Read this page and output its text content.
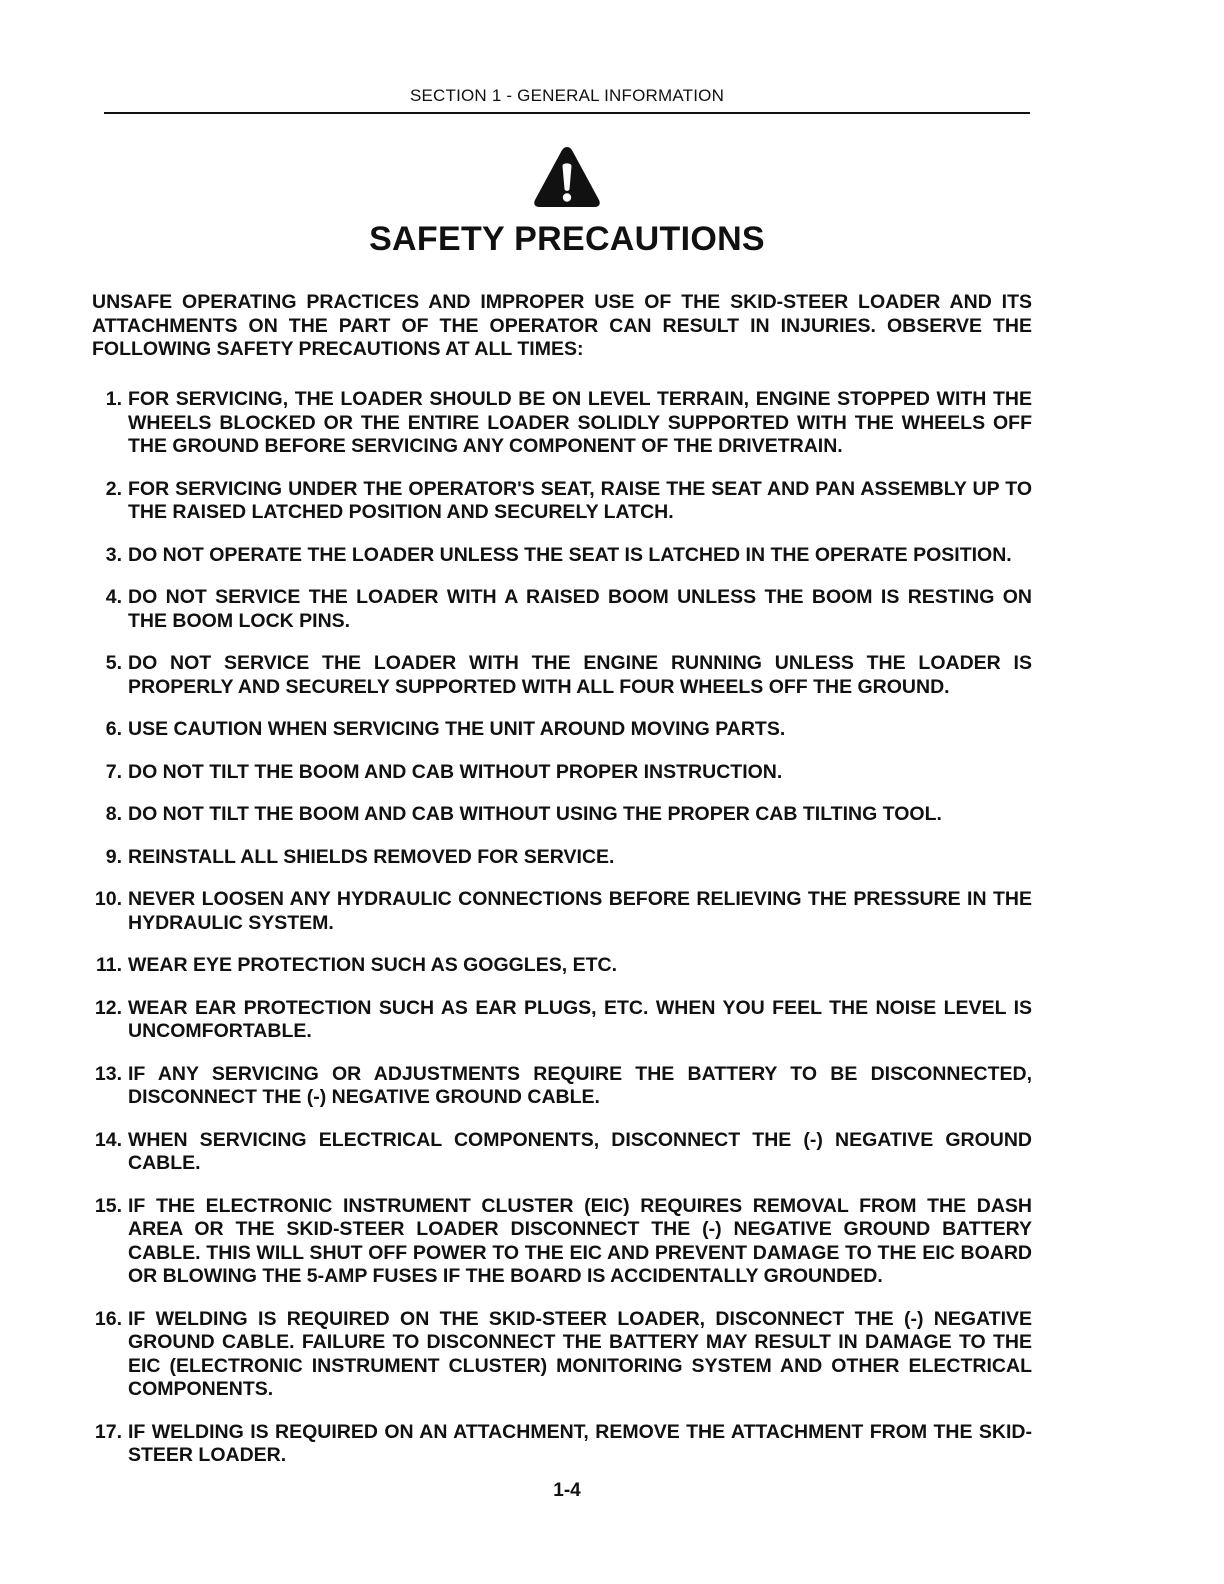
SECTION 1 - GENERAL INFORMATION
SAFETY PRECAUTIONS
UNSAFE OPERATING PRACTICES AND IMPROPER USE OF THE SKID-STEER LOADER AND ITS ATTACHMENTS ON THE PART OF THE OPERATOR CAN RESULT IN INJURIES. OBSERVE THE FOLLOWING SAFETY PRECAUTIONS AT ALL TIMES:
1. FOR SERVICING, THE LOADER SHOULD BE ON LEVEL TERRAIN, ENGINE STOPPED WITH THE WHEELS BLOCKED OR THE ENTIRE LOADER SOLIDLY SUPPORTED WITH THE WHEELS OFF THE GROUND BEFORE SERVICING ANY COMPONENT OF THE DRIVETRAIN.
2. FOR SERVICING UNDER THE OPERATOR'S SEAT, RAISE THE SEAT AND PAN ASSEMBLY UP TO THE RAISED LATCHED POSITION AND SECURELY LATCH.
3. DO NOT OPERATE THE LOADER UNLESS THE SEAT IS LATCHED IN THE OPERATE POSITION.
4. DO NOT SERVICE THE LOADER WITH A RAISED BOOM UNLESS THE BOOM IS RESTING ON THE BOOM LOCK PINS.
5. DO NOT SERVICE THE LOADER WITH THE ENGINE RUNNING UNLESS THE LOADER IS PROPERLY AND SECURELY SUPPORTED WITH ALL FOUR WHEELS OFF THE GROUND.
6. USE CAUTION WHEN SERVICING THE UNIT AROUND MOVING PARTS.
7. DO NOT TILT THE BOOM AND CAB WITHOUT PROPER INSTRUCTION.
8. DO NOT TILT THE BOOM AND CAB WITHOUT USING THE PROPER CAB TILTING TOOL.
9. REINSTALL ALL SHIELDS REMOVED FOR SERVICE.
10. NEVER LOOSEN ANY HYDRAULIC CONNECTIONS BEFORE RELIEVING THE PRESSURE IN THE HYDRAULIC SYSTEM.
11. WEAR EYE PROTECTION SUCH AS GOGGLES, ETC.
12. WEAR EAR PROTECTION SUCH AS EAR PLUGS, ETC. WHEN YOU FEEL THE NOISE LEVEL IS UNCOMFORTABLE.
13. IF ANY SERVICING OR ADJUSTMENTS REQUIRE THE BATTERY TO BE DISCONNECTED, DISCONNECT THE (-) NEGATIVE GROUND CABLE.
14. WHEN SERVICING ELECTRICAL COMPONENTS, DISCONNECT THE (-) NEGATIVE GROUND CABLE.
15. IF THE ELECTRONIC INSTRUMENT CLUSTER (EIC) REQUIRES REMOVAL FROM THE DASH AREA OR THE SKID-STEER LOADER DISCONNECT THE (-) NEGATIVE GROUND BATTERY CABLE. THIS WILL SHUT OFF POWER TO THE EIC AND PREVENT DAMAGE TO THE EIC BOARD OR BLOWING THE 5-AMP FUSES IF THE BOARD IS ACCIDENTALLY GROUNDED.
16. IF WELDING IS REQUIRED ON THE SKID-STEER LOADER, DISCONNECT THE (-) NEGATIVE GROUND CABLE. FAILURE TO DISCONNECT THE BATTERY MAY RESULT IN DAMAGE TO THE EIC (ELECTRONIC INSTRUMENT CLUSTER) MONITORING SYSTEM AND OTHER ELECTRICAL COMPONENTS.
17. IF WELDING IS REQUIRED ON AN ATTACHMENT, REMOVE THE ATTACHMENT FROM THE SKID-STEER LOADER.
1-4
